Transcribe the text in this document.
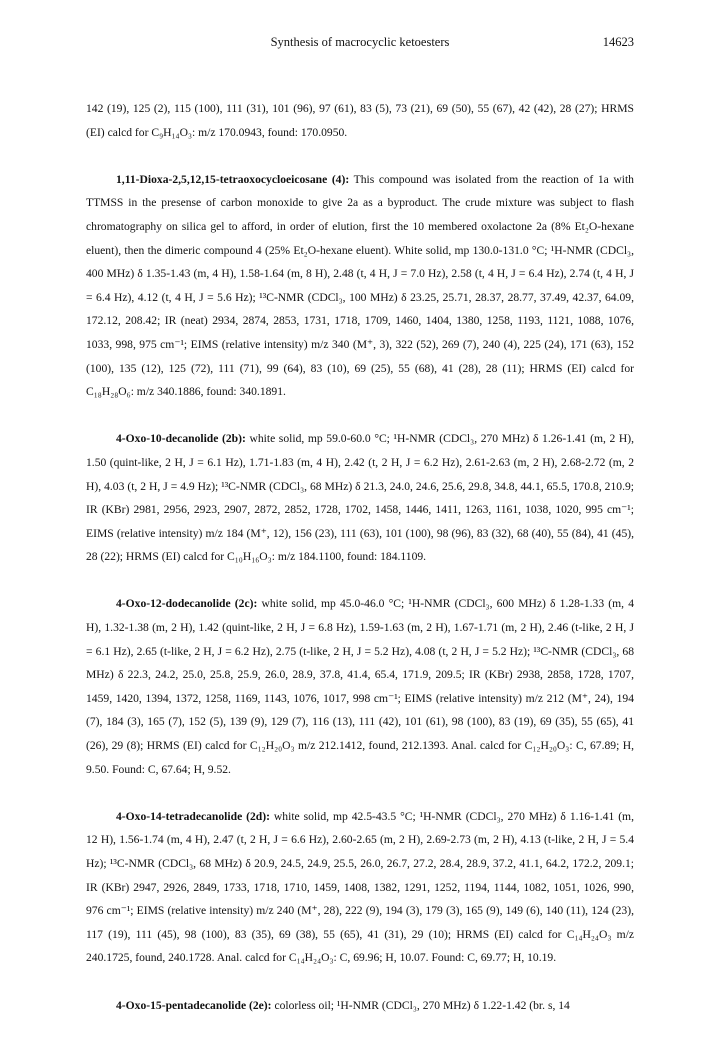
Synthesis of macrocyclic ketoesters	14623

142 (19), 125 (2), 115 (100), 111 (31), 101 (96), 97 (61), 83 (5), 73 (21), 69 (50), 55 (67), 42 (42), 28 (27); HRMS (EI) calcd for C₉H₁₄O₃: m/z 170.0943, found: 170.0950.

1,11-Dioxa-2,5,12,15-tetraoxocycloeicosane (4): This compound was isolated from the reaction of 1a with TTMSS in the presense of carbon monoxide to give 2a as a byproduct. The crude mixture was subject to flash chromatography on silica gel to afford, in order of elution, first the 10 membered oxolactone 2a (8% Et₂O-hexane eluent), then the dimeric compound 4 (25% Et₂O-hexane eluent). White solid, mp 130.0-131.0 °C; ¹H-NMR (CDCl₃, 400 MHz) δ 1.35-1.43 (m, 4 H), 1.58-1.64 (m, 8 H), 2.48 (t, 4 H, J = 7.0 Hz), 2.58 (t, 4 H, J = 6.4 Hz), 2.74 (t, 4 H, J = 6.4 Hz), 4.12 (t, 4 H, J = 5.6 Hz); ¹³C-NMR (CDCl₃, 100 MHz) δ 23.25, 25.71, 28.37, 28.77, 37.49, 42.37, 64.09, 172.12, 208.42; IR (neat) 2934, 2874, 2853, 1731, 1718, 1709, 1460, 1404, 1380, 1258, 1193, 1121, 1088, 1076, 1033, 998, 975 cm⁻¹; EIMS (relative intensity) m/z 340 (M⁺, 3), 322 (52), 269 (7), 240 (4), 225 (24), 171 (63), 152 (100), 135 (12), 125 (72), 111 (71), 99 (64), 83 (10), 69 (25), 55 (68), 41 (28), 28 (11); HRMS (EI) calcd for C₁₈H₂₈O₆: m/z 340.1886, found: 340.1891.

4-Oxo-10-decanolide (2b): white solid, mp 59.0-60.0 °C; ¹H-NMR (CDCl₃, 270 MHz) δ 1.26-1.41 (m, 2 H), 1.50 (quint-like, 2 H, J = 6.1 Hz), 1.71-1.83 (m, 4 H), 2.42 (t, 2 H, J = 6.2 Hz), 2.61-2.63 (m, 2 H), 2.68-2.72 (m, 2 H), 4.03 (t, 2 H, J = 4.9 Hz); ¹³C-NMR (CDCl₃, 68 MHz) δ 21.3, 24.0, 24.6, 25.6, 29.8, 34.8, 44.1, 65.5, 170.8, 210.9; IR (KBr) 2981, 2956, 2923, 2907, 2872, 2852, 1728, 1702, 1458, 1446, 1411, 1263, 1161, 1038, 1020, 995 cm⁻¹; EIMS (relative intensity) m/z 184 (M⁺, 12), 156 (23), 111 (63), 101 (100), 98 (96), 83 (32), 68 (40), 55 (84), 41 (45), 28 (22); HRMS (EI) calcd for C₁₀H₁₆O₃: m/z 184.1100, found: 184.1109.

4-Oxo-12-dodecanolide (2c): white solid, mp 45.0-46.0 °C; ¹H-NMR (CDCl₃, 600 MHz) δ 1.28-1.33 (m, 4 H), 1.32-1.38 (m, 2 H), 1.42 (quint-like, 2 H, J = 6.8 Hz), 1.59-1.63 (m, 2 H), 1.67-1.71 (m, 2 H), 2.46 (t-like, 2 H, J = 6.1 Hz), 2.65 (t-like, 2 H, J = 6.2 Hz), 2.75 (t-like, 2 H, J = 5.2 Hz), 4.08 (t, 2 H, J = 5.2 Hz); ¹³C-NMR (CDCl₃, 68 MHz) δ 22.3, 24.2, 25.0, 25.8, 25.9, 26.0, 28.9, 37.8, 41.4, 65.4, 171.9, 209.5; IR (KBr) 2938, 2858, 1728, 1707, 1459, 1420, 1394, 1372, 1258, 1169, 1143, 1076, 1017, 998 cm⁻¹; EIMS (relative intensity) m/z 212 (M⁺, 24), 194 (7), 184 (3), 165 (7), 152 (5), 139 (9), 129 (7), 116 (13), 111 (42), 101 (61), 98 (100), 83 (19), 69 (35), 55 (65), 41 (26), 29 (8); HRMS (EI) calcd for C₁₂H₂₀O₃ m/z 212.1412, found, 212.1393. Anal. calcd for C₁₂H₂₀O₃: C, 67.89; H, 9.50. Found: C, 67.64; H, 9.52.

4-Oxo-14-tetradecanolide (2d): white solid, mp 42.5-43.5 °C; ¹H-NMR (CDCl₃, 270 MHz) δ 1.16-1.41 (m, 12 H), 1.56-1.74 (m, 4 H), 2.47 (t, 2 H, J = 6.6 Hz), 2.60-2.65 (m, 2 H), 2.69-2.73 (m, 2 H), 4.13 (t-like, 2 H, J = 5.4 Hz); ¹³C-NMR (CDCl₃, 68 MHz) δ 20.9, 24.5, 24.9, 25.5, 26.0, 26.7, 27.2, 28.4, 28.9, 37.2, 41.1, 64.2, 172.2, 209.1; IR (KBr) 2947, 2926, 2849, 1733, 1718, 1710, 1459, 1408, 1382, 1291, 1252, 1194, 1144, 1082, 1051, 1026, 990, 976 cm⁻¹; EIMS (relative intensity) m/z 240 (M⁺, 28), 222 (9), 194 (3), 179 (3), 165 (9), 149 (6), 140 (11), 124 (23), 117 (19), 111 (45), 98 (100), 83 (35), 69 (38), 55 (65), 41 (31), 29 (10); HRMS (EI) calcd for C₁₄H₂₄O₃ m/z 240.1725, found, 240.1728. Anal. calcd for C₁₄H₂₄O₃: C, 69.96; H, 10.07. Found: C, 69.77; H, 10.19.

4-Oxo-15-pentadecanolide (2e): colorless oil; ¹H-NMR (CDCl₃, 270 MHz) δ 1.22-1.42 (br. s, 14
